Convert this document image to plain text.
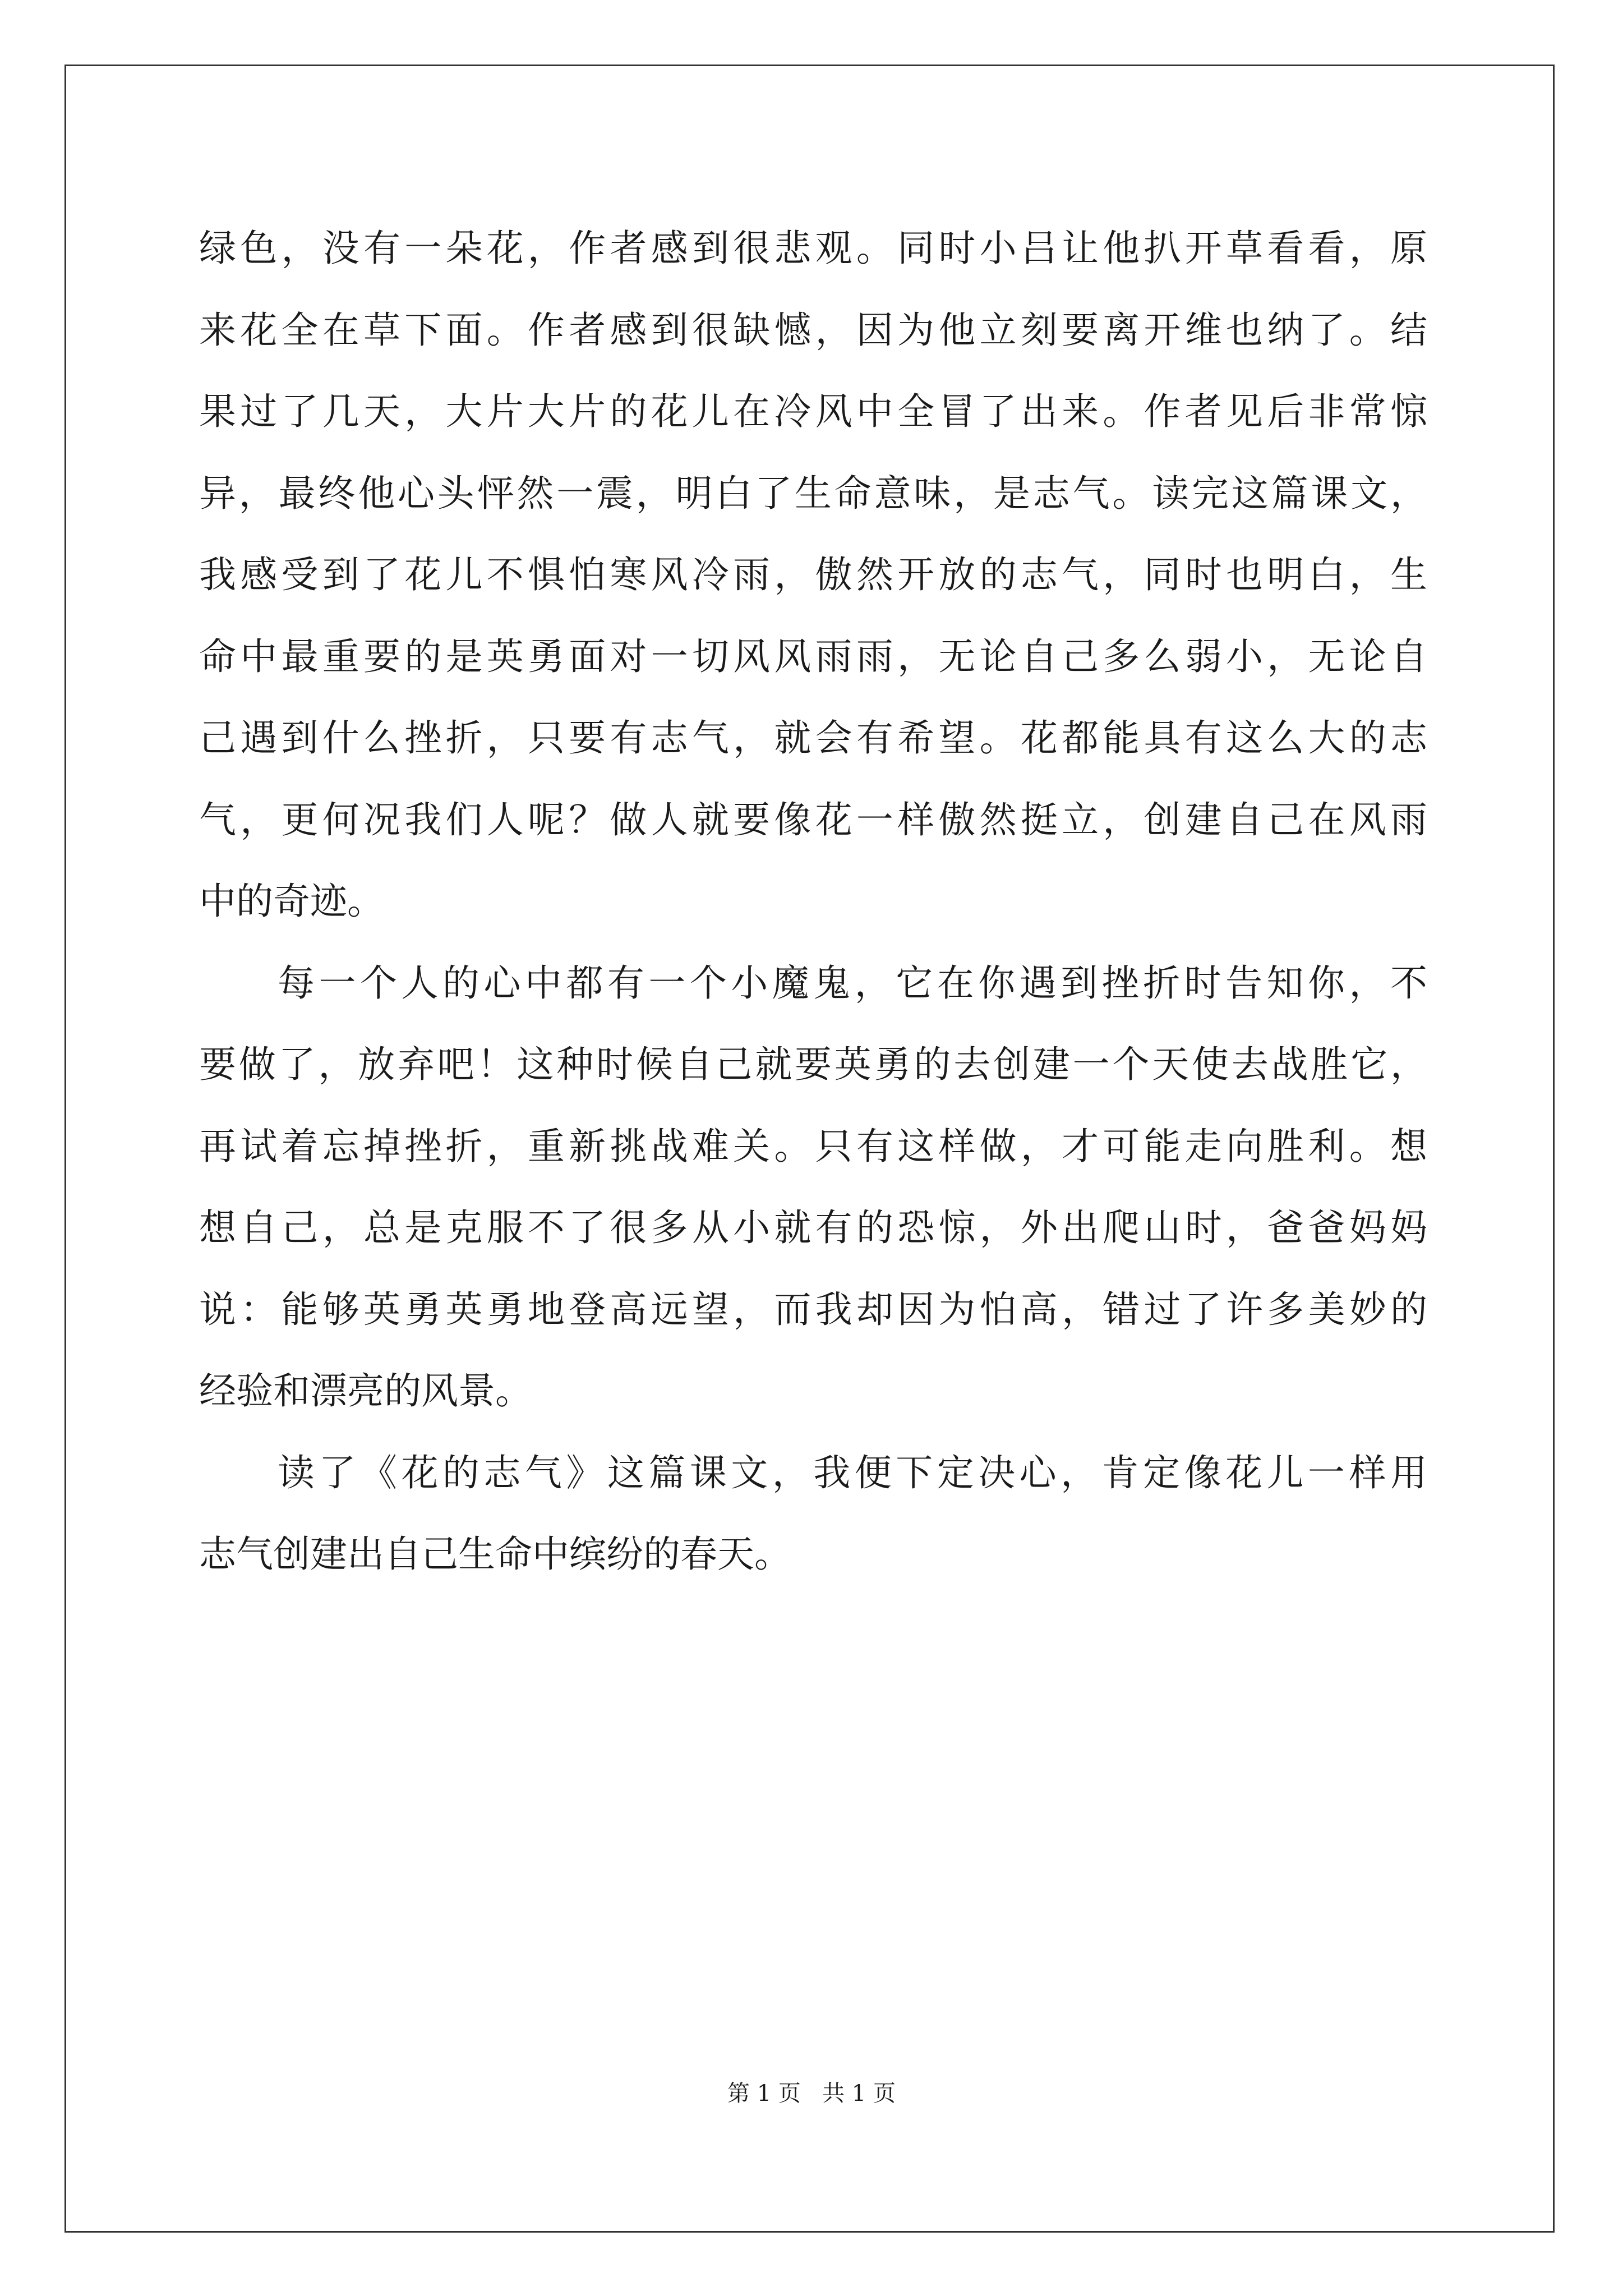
绿色，没有一朵花，作者感到很悲观。同时小吕让他扒开草看看，原
来花全在草下面。作者感到很缺憾，因为他立刻要离开维也纳了。结
果过了几天，大片大片的花儿在冷风中全冒了出来。作者见后非常惊
异，最终他心头怦然一震，明白了生命意味，是志气。读完这篇课文，
我感受到了花儿不惧怕寒风冷雨，傲然开放的志气，同时也明白，生
命中最重要的是英勇面对一切风风雨雨，无论自己多么弱小，无论自
己遇到什么挫折，只要有志气，就会有希望。花都能具有这么大的志
气，更何况我们人呢？做人就要像花一样傲然挺立，创建自己在风雨
中的奇迹。
每一个人的心中都有一个小魔鬼，它在你遇到挫折时告知你，不
要做了，放弃吧！这种时候自己就要英勇的去创建一个天使去战胜它，
再试着忘掉挫折，重新挑战难关。只有这样做，才可能走向胜利。想
想自己，总是克服不了很多从小就有的恐惊，外出爬山时，爸爸妈妈
说：能够英勇英勇地登高远望，而我却因为怕高，错过了许多美妙的
经验和漂亮的风景。
读了《花的志气》这篇课文，我便下定决心，肯定像花儿一样用
志气创建出自己生命中缤纷的春天。
第 1 页   共 1 页
